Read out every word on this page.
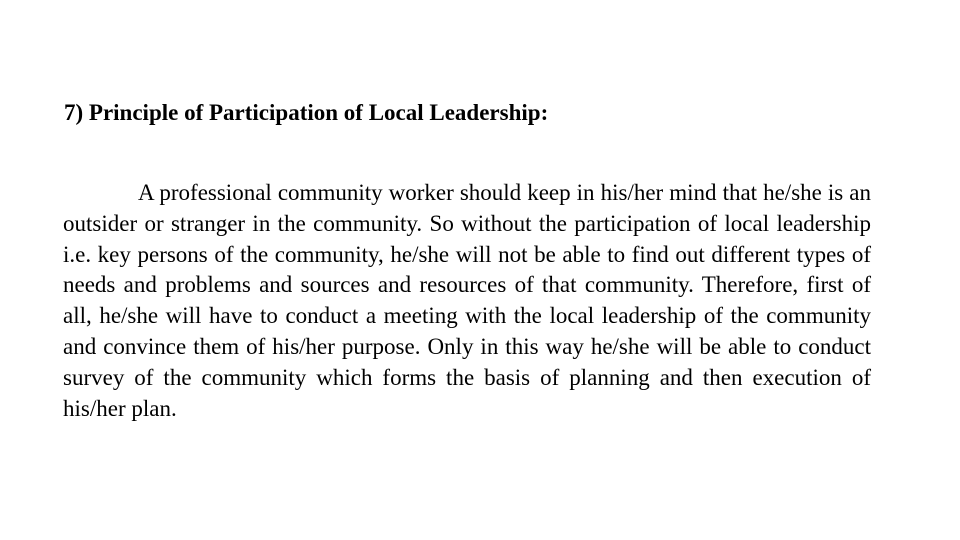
7) Principle of Participation of Local Leadership:

A professional community worker should keep in his/her mind that he/she is an outsider or stranger in the community. So without the participation of local leadership i.e. key persons of the community, he/she will not be able to find out different types of needs and problems and sources and resources of that community. Therefore, first of all, he/she will have to conduct a meeting with the local leadership of the community and convince them of his/her purpose. Only in this way he/she will be able to conduct survey of the community which forms the basis of planning and then execution of his/her plan.
